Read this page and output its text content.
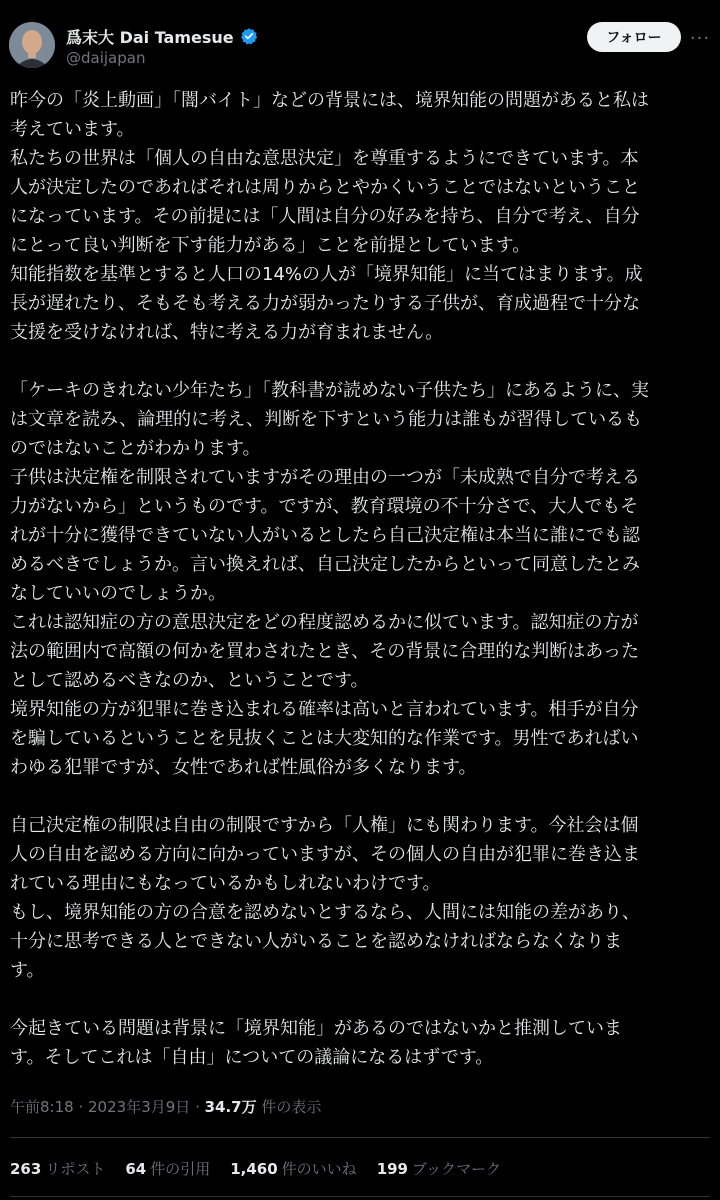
爲末大 Dai Tamesue
@daijapan
フォロー	···

昨今の「炎上動画」「闇バイト」などの背景には、境界知能の問題があると私は

考えています。

私たちの世界は「個人の自由な意思決定」を尊重するようにできています。本

人が決定したのであればそれは周りからとやかくいうことではないということ

になっています。その前提には「人間は自分の好みを持ち、自分で考え、自分

にとって良い判断を下す能力がある」ことを前提としています。

知能指数を基準とすると人口の14%の人が「境界知能」に当てはまります。成

長が遅れたり、そもそも考える力が弱かったりする子供が、育成過程で十分な

支援を受けなければ、特に考える力が育まれません。

「ケーキのきれない少年たち」「教科書が読めない子供たち」にあるように、実

は文章を読み、論理的に考え、判断を下すという能力は誰もが習得しているも

のではないことがわかります。

子供は決定権を制限されていますがその理由の一つが「未成熟で自分で考える

力がないから」というものです。ですが、教育環境の不十分さで、大人でもそ

れが十分に獲得できていない人がいるとしたら自己決定権は本当に誰にでも認

めるべきでしょうか。言い換えれば、自己決定したからといって同意したとみ

なしていいのでしょうか。

これは認知症の方の意思決定をどの程度認めるかに似ています。認知症の方が

法の範囲内で高額の何かを買わされたとき、その背景に合理的な判断はあった

として認めるべきなのか、ということです。

境界知能の方が犯罪に巻き込まれる確率は高いと言われています。相手が自分

を騙しているということを見抜くことは大変知的な作業です。男性であればい

わゆる犯罪ですが、女性であれば性風俗が多くなります。

自己決定権の制限は自由の制限ですから「人権」にも関わります。今社会は個

人の自由を認める方向に向かっていますが、その個人の自由が犯罪に巻き込ま

れている理由にもなっているかもしれないわけです。

もし、境界知能の方の合意を認めないとするなら、人間には知能の差があり、

十分に思考できる人とできない人がいることを認めなければならなくなりま

す。

今起きている問題は背景に「境界知能」があるのではないかと推測していま

す。そしてこれは「自由」についての議論になるはずです。

午前8:18 · 2023年3月9日 · 34.7万 件の表示
263 リポスト 64 件の引用 1,460 件のいいね 199 ブックマーク
